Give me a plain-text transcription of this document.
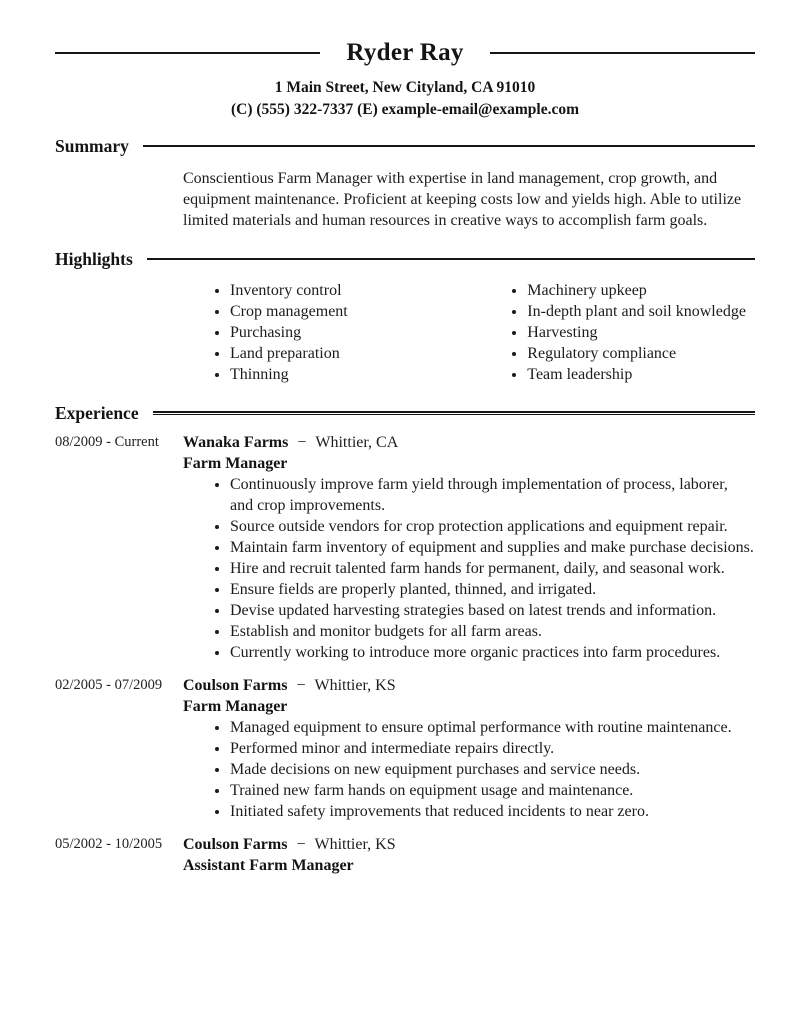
Ryder Ray
1 Main Street, New Cityland, CA 91010
(C) (555) 322-7337 (E) example-email@example.com
Summary

Conscientious Farm Manager with expertise in land management, crop growth, and equipment maintenance. Proficient at keeping costs low and yields high. Able to utilize limited materials and human resources in creative ways to accomplish farm goals.

Highlights
• Inventory control
• Crop management
• Purchasing
• Land preparation
• Thinning
• Machinery upkeep
• In-depth plant and soil knowledge
• Harvesting
• Regulatory compliance
• Team leadership
Experience
08/2009 - Current	Wanaka Farms − Whittier, CA
Farm Manager
• Continuously improve farm yield through implementation of process, laborer, and crop improvements.
• Source outside vendors for crop protection applications and equipment repair.
• Maintain farm inventory of equipment and supplies and make purchase decisions.
• Hire and recruit talented farm hands for permanent, daily, and seasonal work.
• Ensure fields are properly planted, thinned, and irrigated.
• Devise updated harvesting strategies based on latest trends and information.
• Establish and monitor budgets for all farm areas.
• Currently working to introduce more organic practices into farm procedures.
02/2005 - 07/2009	Coulson Farms − Whittier, KS
Farm Manager
• Managed equipment to ensure optimal performance with routine maintenance.
• Performed minor and intermediate repairs directly.
• Made decisions on new equipment purchases and service needs.
• Trained new farm hands on equipment usage and maintenance.
• Initiated safety improvements that reduced incidents to near zero.
05/2002 - 10/2005	Coulson Farms − Whittier, KS
Assistant Farm Manager
